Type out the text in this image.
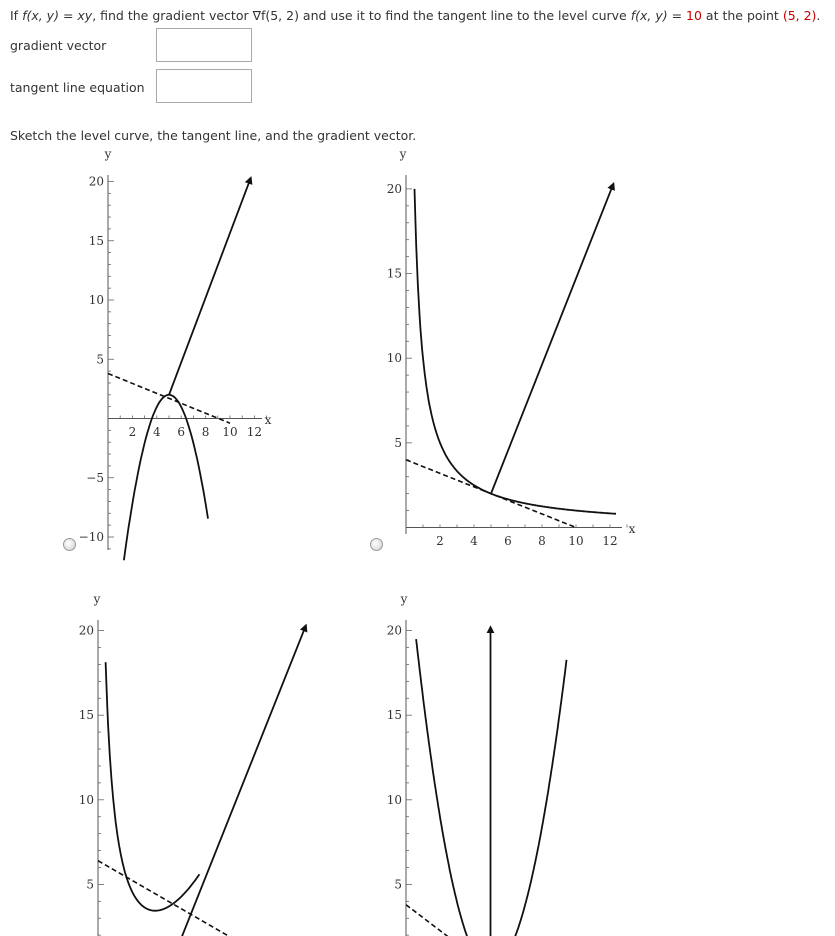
If f(x, y) = xy, find the gradient vector ∇f(5, 2) and use it to find the tangent line to the level curve f(x, y) = 10 at the point (5, 2).
gradient vector
tangent line equation
Sketch the level curve, the tangent line, and the gradient vector.
20
15
10
5
−5
−10
y
2 4 6 8 10 12
x
20
15
10
5
y
2 4 6 8 10 12
x
20
15
10
5
y
20
15
10
5
y
